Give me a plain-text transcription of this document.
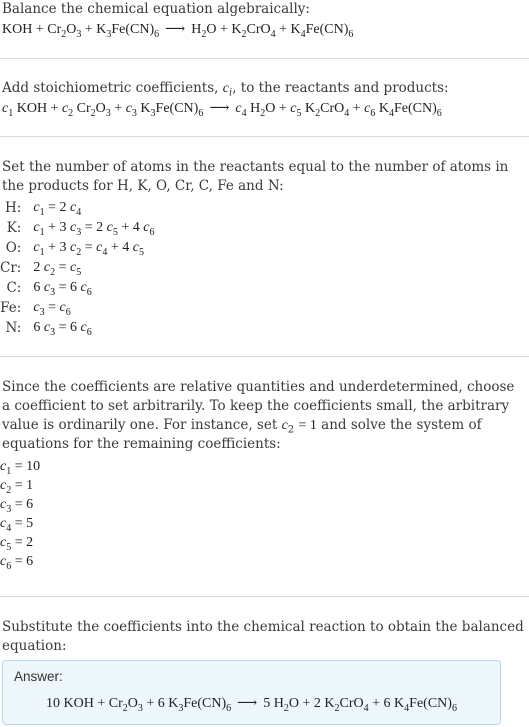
Balance the chemical equation algebraically:
KOH + $Cr_2O_3 + K_3Fe(CN)_6$ ⟶ $H_2O + K_2CrO_4 + K_4Fe(CN)_6$
Add stoichiometric coefficients, $c_i$, to the reactants and products:
$c_1$ KOH + $c_2$ $Cr_2O_3 + c_3$ $K_3Fe(CN)_6$ ⟶ $c_4$ $H_2O + c_5$ $K_2CrO_4 + c_6$ $K_4Fe(CN)_6$
Set the number of atoms in the reactants equal to the number of atoms in the products for H, K, O, Cr, C, Fe and N:
H:	$c_1 = 2$ $c_4$
K:	$c_1 + 3$ $c_3 = 2$ $c_5 + 4$ $c_6$
O:	$c_1 + 3$ $c_2 = c_4 + 4$ $c_5$
Cr:	2 $c_2 = c_5$
C:	6 $c_3 = 6$ $c_6$
Fe:	$c_3 = c_6$
N:	6 $c_3 = 6$ $c_6$
Since the coefficients are relative quantities and underdetermined, choose a coefficient to set arbitrarily. To keep the coefficients small, the arbitrary value is ordinarily one. For instance, set $c_2 = 1$ and solve the system of equations for the remaining coefficients:
$c_1 = 10$
$c_2 = 1$
$c_3 = 6$
$c_4 = 5$
$c_5 = 2$
$c_6 = 6$
Substitute the coefficients into the chemical reaction to obtain the balanced equation:
Answer:
10 KOH + $Cr_2O_3 + 6$ $K_3Fe(CN)_6$ ⟶ 5 $H_2O + 2$ $K_2CrO_4 + 6$ $K_4Fe(CN)_6$
